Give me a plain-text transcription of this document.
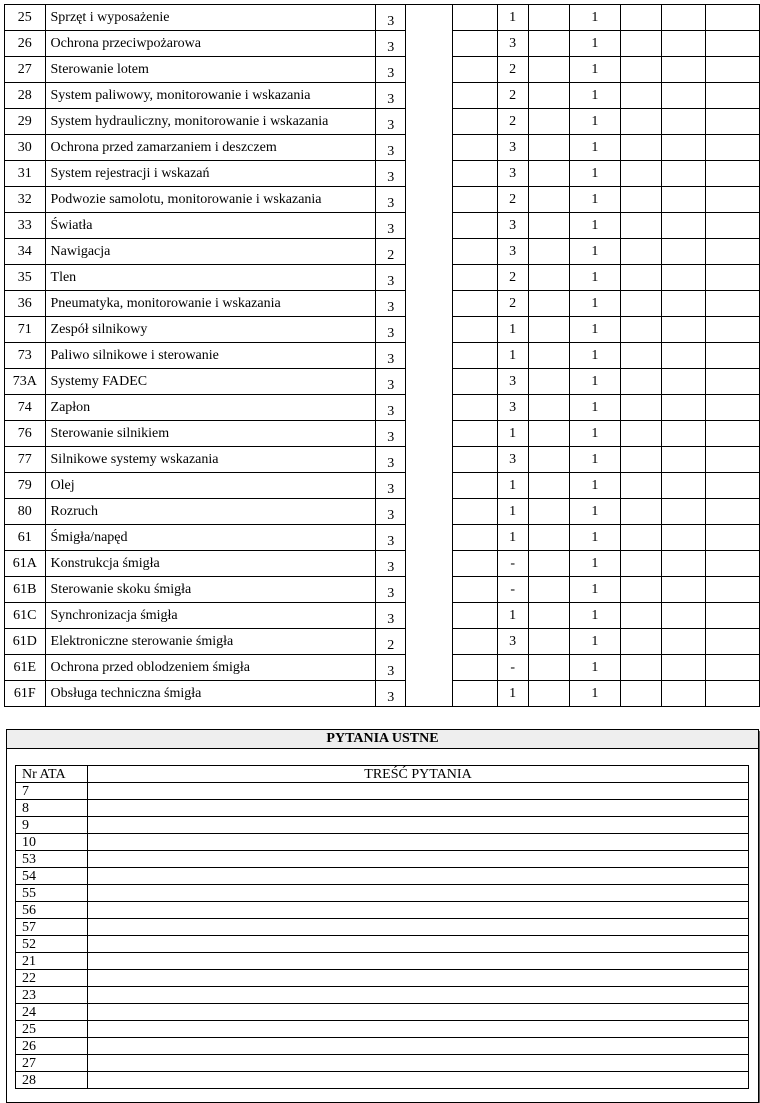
25	Sprzęt i wyposażenie	3			1		1			
26	Ochrona przeciwpożarowa	3			3		1			
27	Sterowanie lotem	3			2		1			
28	System paliwowy, monitorowanie i wskazania	3			2		1			
29	System hydrauliczny, monitorowanie i wskazania	3			2		1			
30	Ochrona przed zamarzaniem i deszczem	3			3		1			
31	System rejestracji i wskazań	3			3		1			
32	Podwozie samolotu, monitorowanie i wskazania	3			2		1			
33	Światła	3			3		1			
34	Nawigacja	2			3		1			
35	Tlen	3			2		1			
36	Pneumatyka, monitorowanie i wskazania	3			2		1			
71	Zespół silnikowy	3			1		1			
73	Paliwo silnikowe i sterowanie	3			1		1			
73A	Systemy FADEC	3			3		1			
74	Zapłon	3			3		1			
76	Sterowanie silnikiem	3			1		1			
77	Silnikowe systemy wskazania	3			3		1			
79	Olej	3			1		1			
80	Rozruch	3			1		1			
61	Śmigła/napęd	3			1		1			
61A	Konstrukcja śmigła	3			-		1			
61B	Sterowanie skoku śmigła	3			-		1			
61C	Synchronizacja śmigła	3			1		1			
61D	Elektroniczne sterowanie śmigła	2			3		1			
61E	Ochrona przed oblodzeniem śmigła	3			-		1			
61F	Obsługa techniczna śmigła	3			1		1			
PYTANIA USTNE
Nr ATA	TREŚĆ PYTANIA
7	
8	
9	
10	
53	
54	
55	
56	
57	
52	
21	
22	
23	
24	
25	
26	
27	
28	
